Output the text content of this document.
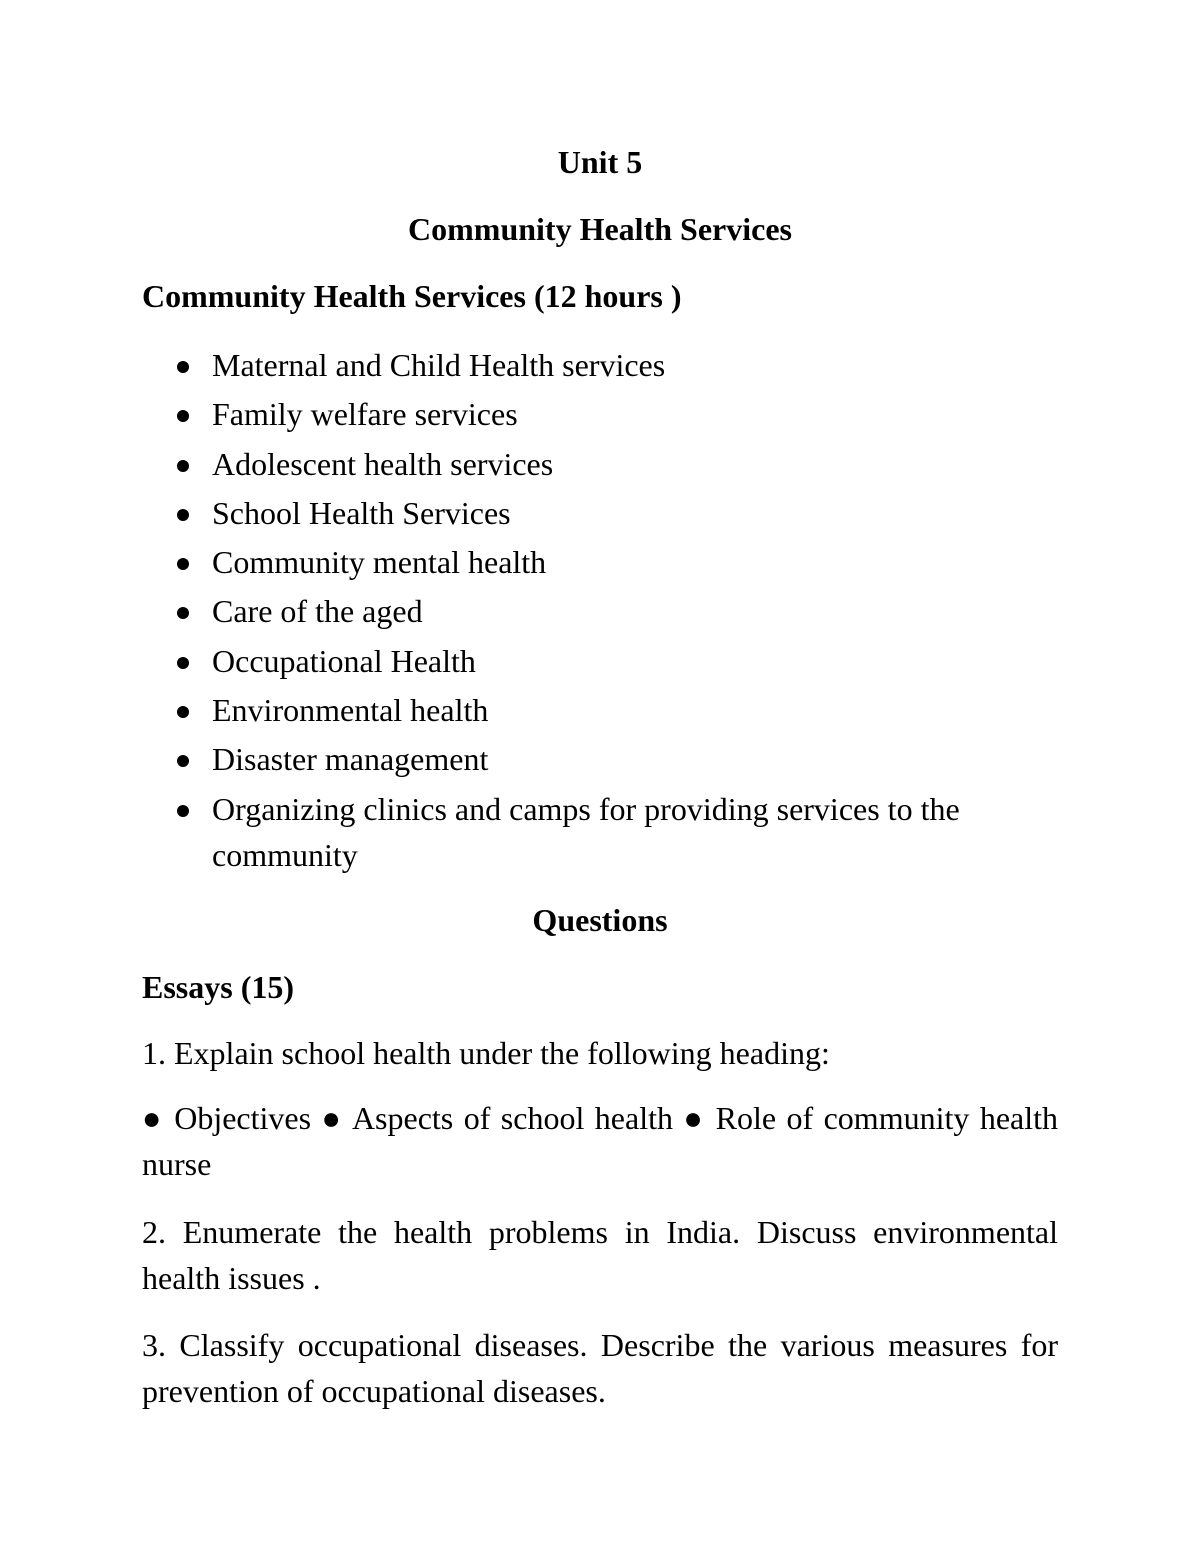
Unit 5
Community Health Services
Community Health Services (12 hours )
Maternal and Child Health services
Family welfare services
Adolescent health services
School Health Services
Community mental health
Care of the aged
Occupational Health
Environmental health
Disaster management
Organizing clinics and camps for providing services to the community
Questions
Essays (15)

1. Explain school health under the following heading:

● Objectives ● Aspects of school health ● Role of community health nurse

2. Enumerate the health problems in India. Discuss environmental health issues .

3. Classify occupational diseases. Describe the various measures for prevention of occupational diseases.
